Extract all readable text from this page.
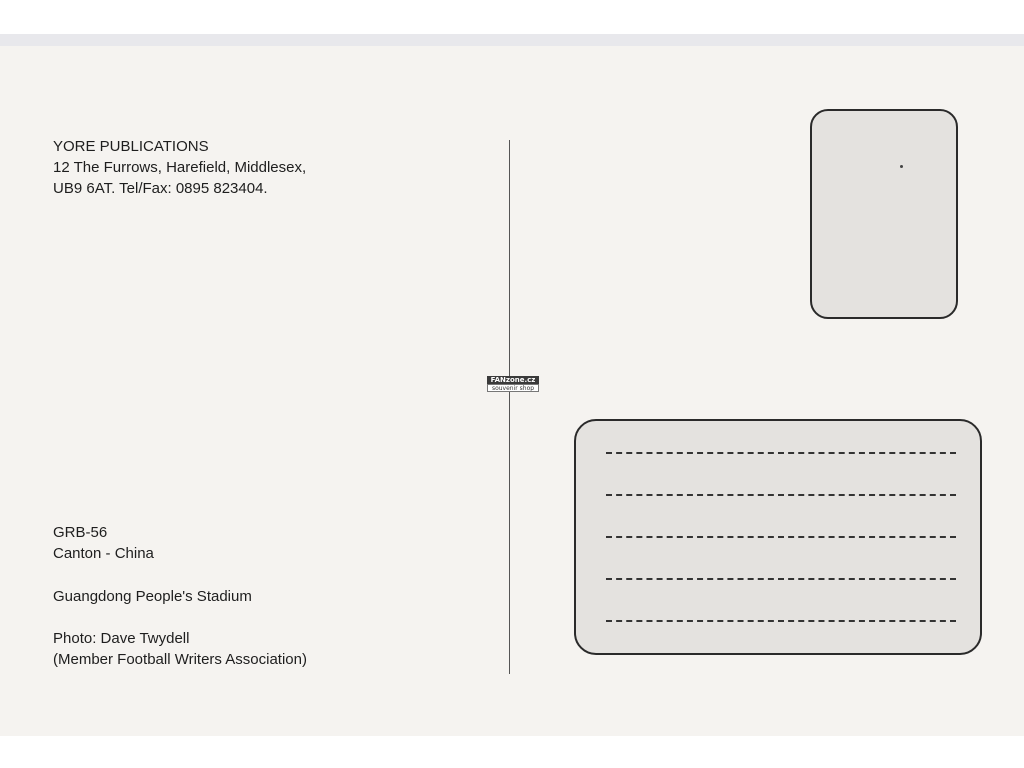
YORE PUBLICATIONS
12 The Furrows, Harefield, Middlesex,
UB9 6AT. Tel/Fax: 0895 823404.
GRB-56
Canton - China
Guangdong People's Stadium
Photo: Dave Twydell
(Member Football Writers Association)
FANzone.cz
souvenir shop
